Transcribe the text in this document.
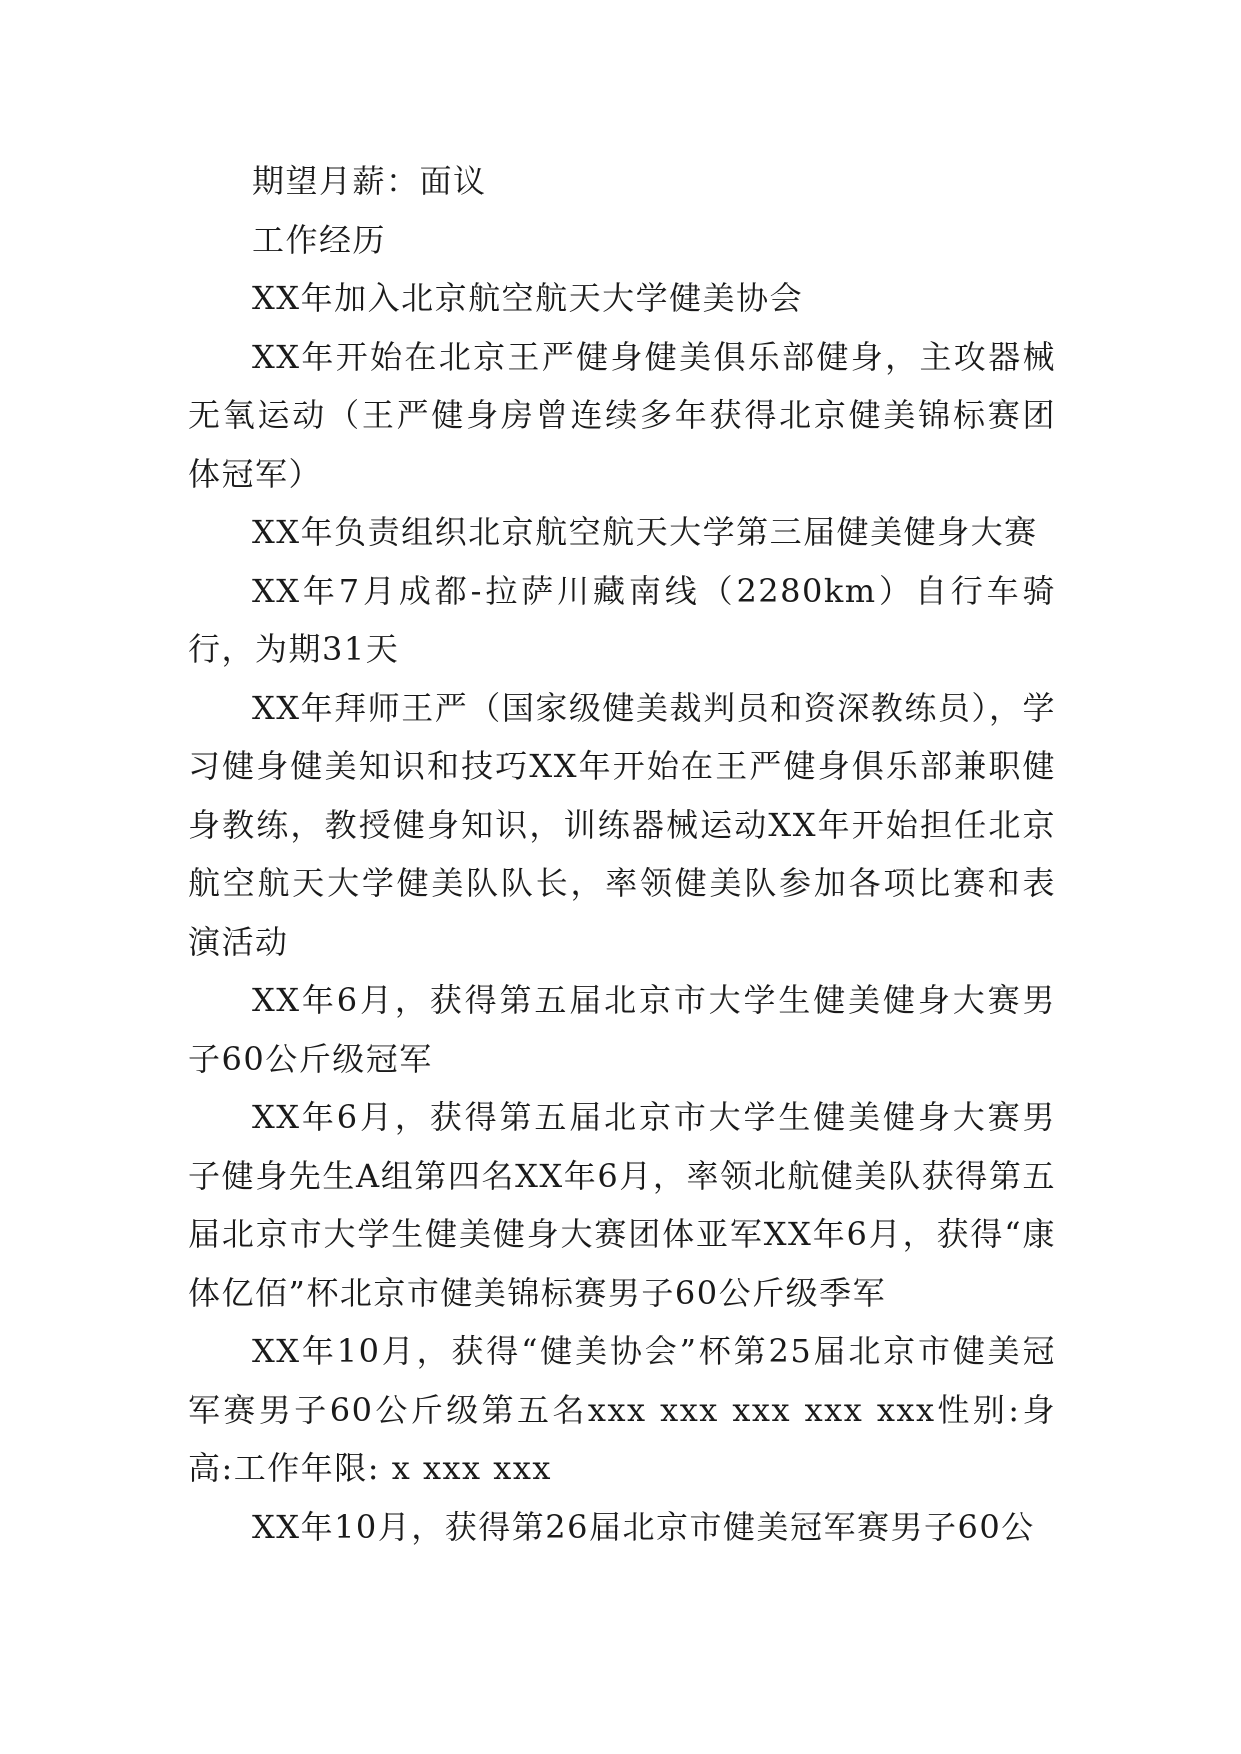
期望月薪：面议

工作经历

XX年加入北京航空航天大学健美协会

XX年开始在北京王严健身健美俱乐部健身，主攻器械无氧运动（王严健身房曾连续多年获得北京健美锦标赛团体冠军）

XX年负责组织北京航空航天大学第三届健美健身大赛

XX年7月成都-拉萨川藏南线（2280km）自行车骑行，为期31天

XX年拜师王严（国家级健美裁判员和资深教练员），学习健身健美知识和技巧XX年开始在王严健身俱乐部兼职健身教练，教授健身知识，训练器械运动XX年开始担任北京航空航天大学健美队队长，率领健美队参加各项比赛和表演活动

XX年6月，获得第五届北京市大学生健美健身大赛男子60公斤级冠军

XX年6月，获得第五届北京市大学生健美健身大赛男子健身先生A组第四名XX年6月，率领北航健美队获得第五届北京市大学生健美健身大赛团体亚军XX年6月，获得“康体亿佰”杯北京市健美锦标赛男子60公斤级季军

XX年10月，获得“健美协会”杯第25届北京市健美冠军赛男子60公斤级第五名xxx xxx xxx xxx xxx性别:身高:工作年限: x xxx xxx

XX年10月，获得第26届北京市健美冠军赛男子60公
